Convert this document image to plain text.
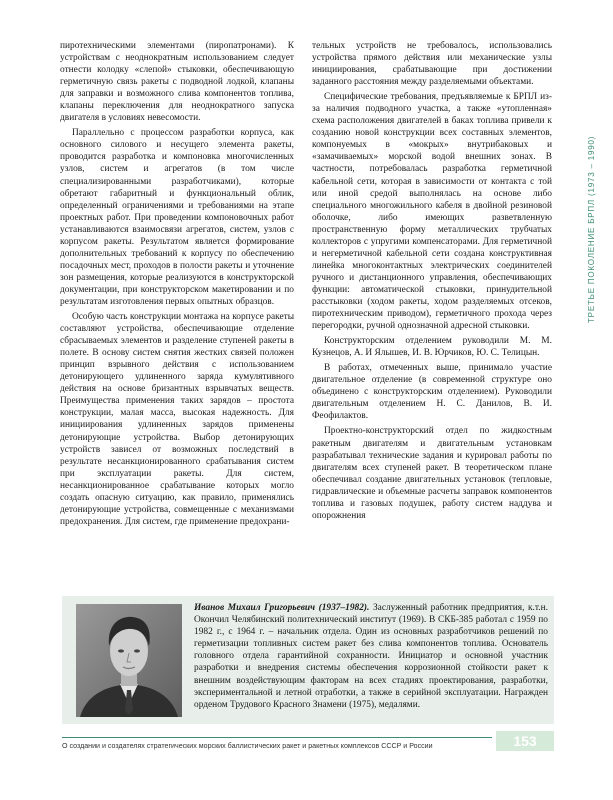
ТРЕТЬЕ ПОКОЛЕНИЕ БРПЛ (1973 – 1990)

пиротехническими элементами (пиропатронами). К устройствам с неоднократным использованием следует отнести колодку «слепой» стыковки, обеспечивающую герметичную связь ракеты с подводной лодкой, клапаны для заправки и возможного слива компонентов топлива, клапаны переключения для неоднократного запуска двигателя в условиях невесомости.

Параллельно с процессом разработки корпуса, как основного силового и несущего элемента ракеты, проводится разработка и компоновка многочисленных узлов, систем и агрегатов (в том числе специализированными разработчиками), которые обретают габаритный и функциональный облик, определенный ограничениями и требованиями на этапе проектных работ. При проведении компоновочных работ устанавливаются взаимосвязи агрегатов, систем, узлов с корпусом ракеты. Результатом является формирование дополнительных требований к корпусу по обеспечению посадочных мест, проходов в полости ракеты и уточнение зон размещения, которые реализуются в конструкторской документации, при конструкторском макетировании и по результатам изготовления первых опытных образцов.

Особую часть конструкции монтажа на корпусе ракеты составляют устройства, обеспечивающие отделение сбрасываемых элементов и разделение ступеней ракеты в полете. В основу систем снятия жестких связей положен принцип взрывного действия с использованием детонирующего удлиненного заряда кумулятивного действия на основе бризантных взрывчатых веществ. Преимущества применения таких зарядов – простота конструкции, малая масса, высокая надежность. Для инициирования удлиненных зарядов применены детонирующие устройства. Выбор детонирующих устройств зависел от возможных последствий в результате несанкционированного срабатывания систем при эксплуатации ракеты. Для систем, несанкционированное срабатывание которых могло создать опасную ситуацию, как правило, применялись детонирующие устройства, совмещенные с механизмами предохранения. Для систем, где применение предохрани-

тельных устройств не требовалось, использовались устройства прямого действия или механические узлы инициирования, срабатывающие при достижении заданного расстояния между разделяемыми объектами.

Специфические требования, предъявляемые к БРПЛ из-за наличия подводного участка, а также «утопленная» схема расположения двигателей в баках топлива привели к созданию новой конструкции всех составных элементов, компонуемых в «мокрых» внутрибаковых и «замачиваемых» морской водой внешних зонах. В частности, потребовалась разработка герметичной кабельной сети, которая в зависимости от контакта с той или иной средой выполнялась на основе либо специального многожильного кабеля в двойной резиновой оболочке, либо имеющих разветвленную пространственную форму металлических трубчатых коллекторов с упругими компенсаторами. Для герметичной и негерметичной кабельной сети создана конструктивная линейка многоконтактных электрических соединителей ручного и дистанционного управления, обеспечивающих функции: автоматической стыковки, принудительной расстыковки (ходом ракеты, ходом разделяемых отсеков, пиротехническим приводом), герметичного прохода через перегородки, ручной однозначной адресной стыковки.

Конструкторским отделением руководили М. М. Кузнецов, А. И Ялышев, И. В. Юрчиков, Ю. С. Телицын.

В работах, отмеченных выше, принимало участие двигательное отделение (в современной структуре оно объединено с конструкторским отделением). Руководили двигательным отделением Н. С. Данилов, В. И. Феофилактов.

Проектно-конструкторский отдел по жидкостным ракетным двигателям и двигательным установкам разрабатывал технические задания и курировал работы по двигателям всех ступеней ракет. В теоретическом плане обеспечивал создание двигательных установок (тепловые, гидравлические и объемные расчеты заправок компонентов топлива и газовых подушек, работу систем наддува и опорожнения

Иванов Михаил Григорьевич (1937–1982). Заслуженный работник предприятия, к.т.н. Окончил Челябинский политехнический институт (1969). В СКБ-385 работал с 1959 по 1982 г., с 1964 г. – начальник отдела. Один из основных разработчиков решений по герметизации топливных систем ракет без слива компонентов топлива. Основатель головного отдела гарантийной сохранности. Инициатор и основной участник разработки и внедрения системы обеспечения коррозионной стойкости ракет к внешним воздействующим факторам на всех стадиях проектирования, разработки, экспериментальной и летной отработки, а также в серийной эксплуатации. Награжден орденом Трудового Красного Знамени (1975), медалями.
О создании и создателях стратегических морских баллистических ракет и ракетных комплексов СССР и России	153
